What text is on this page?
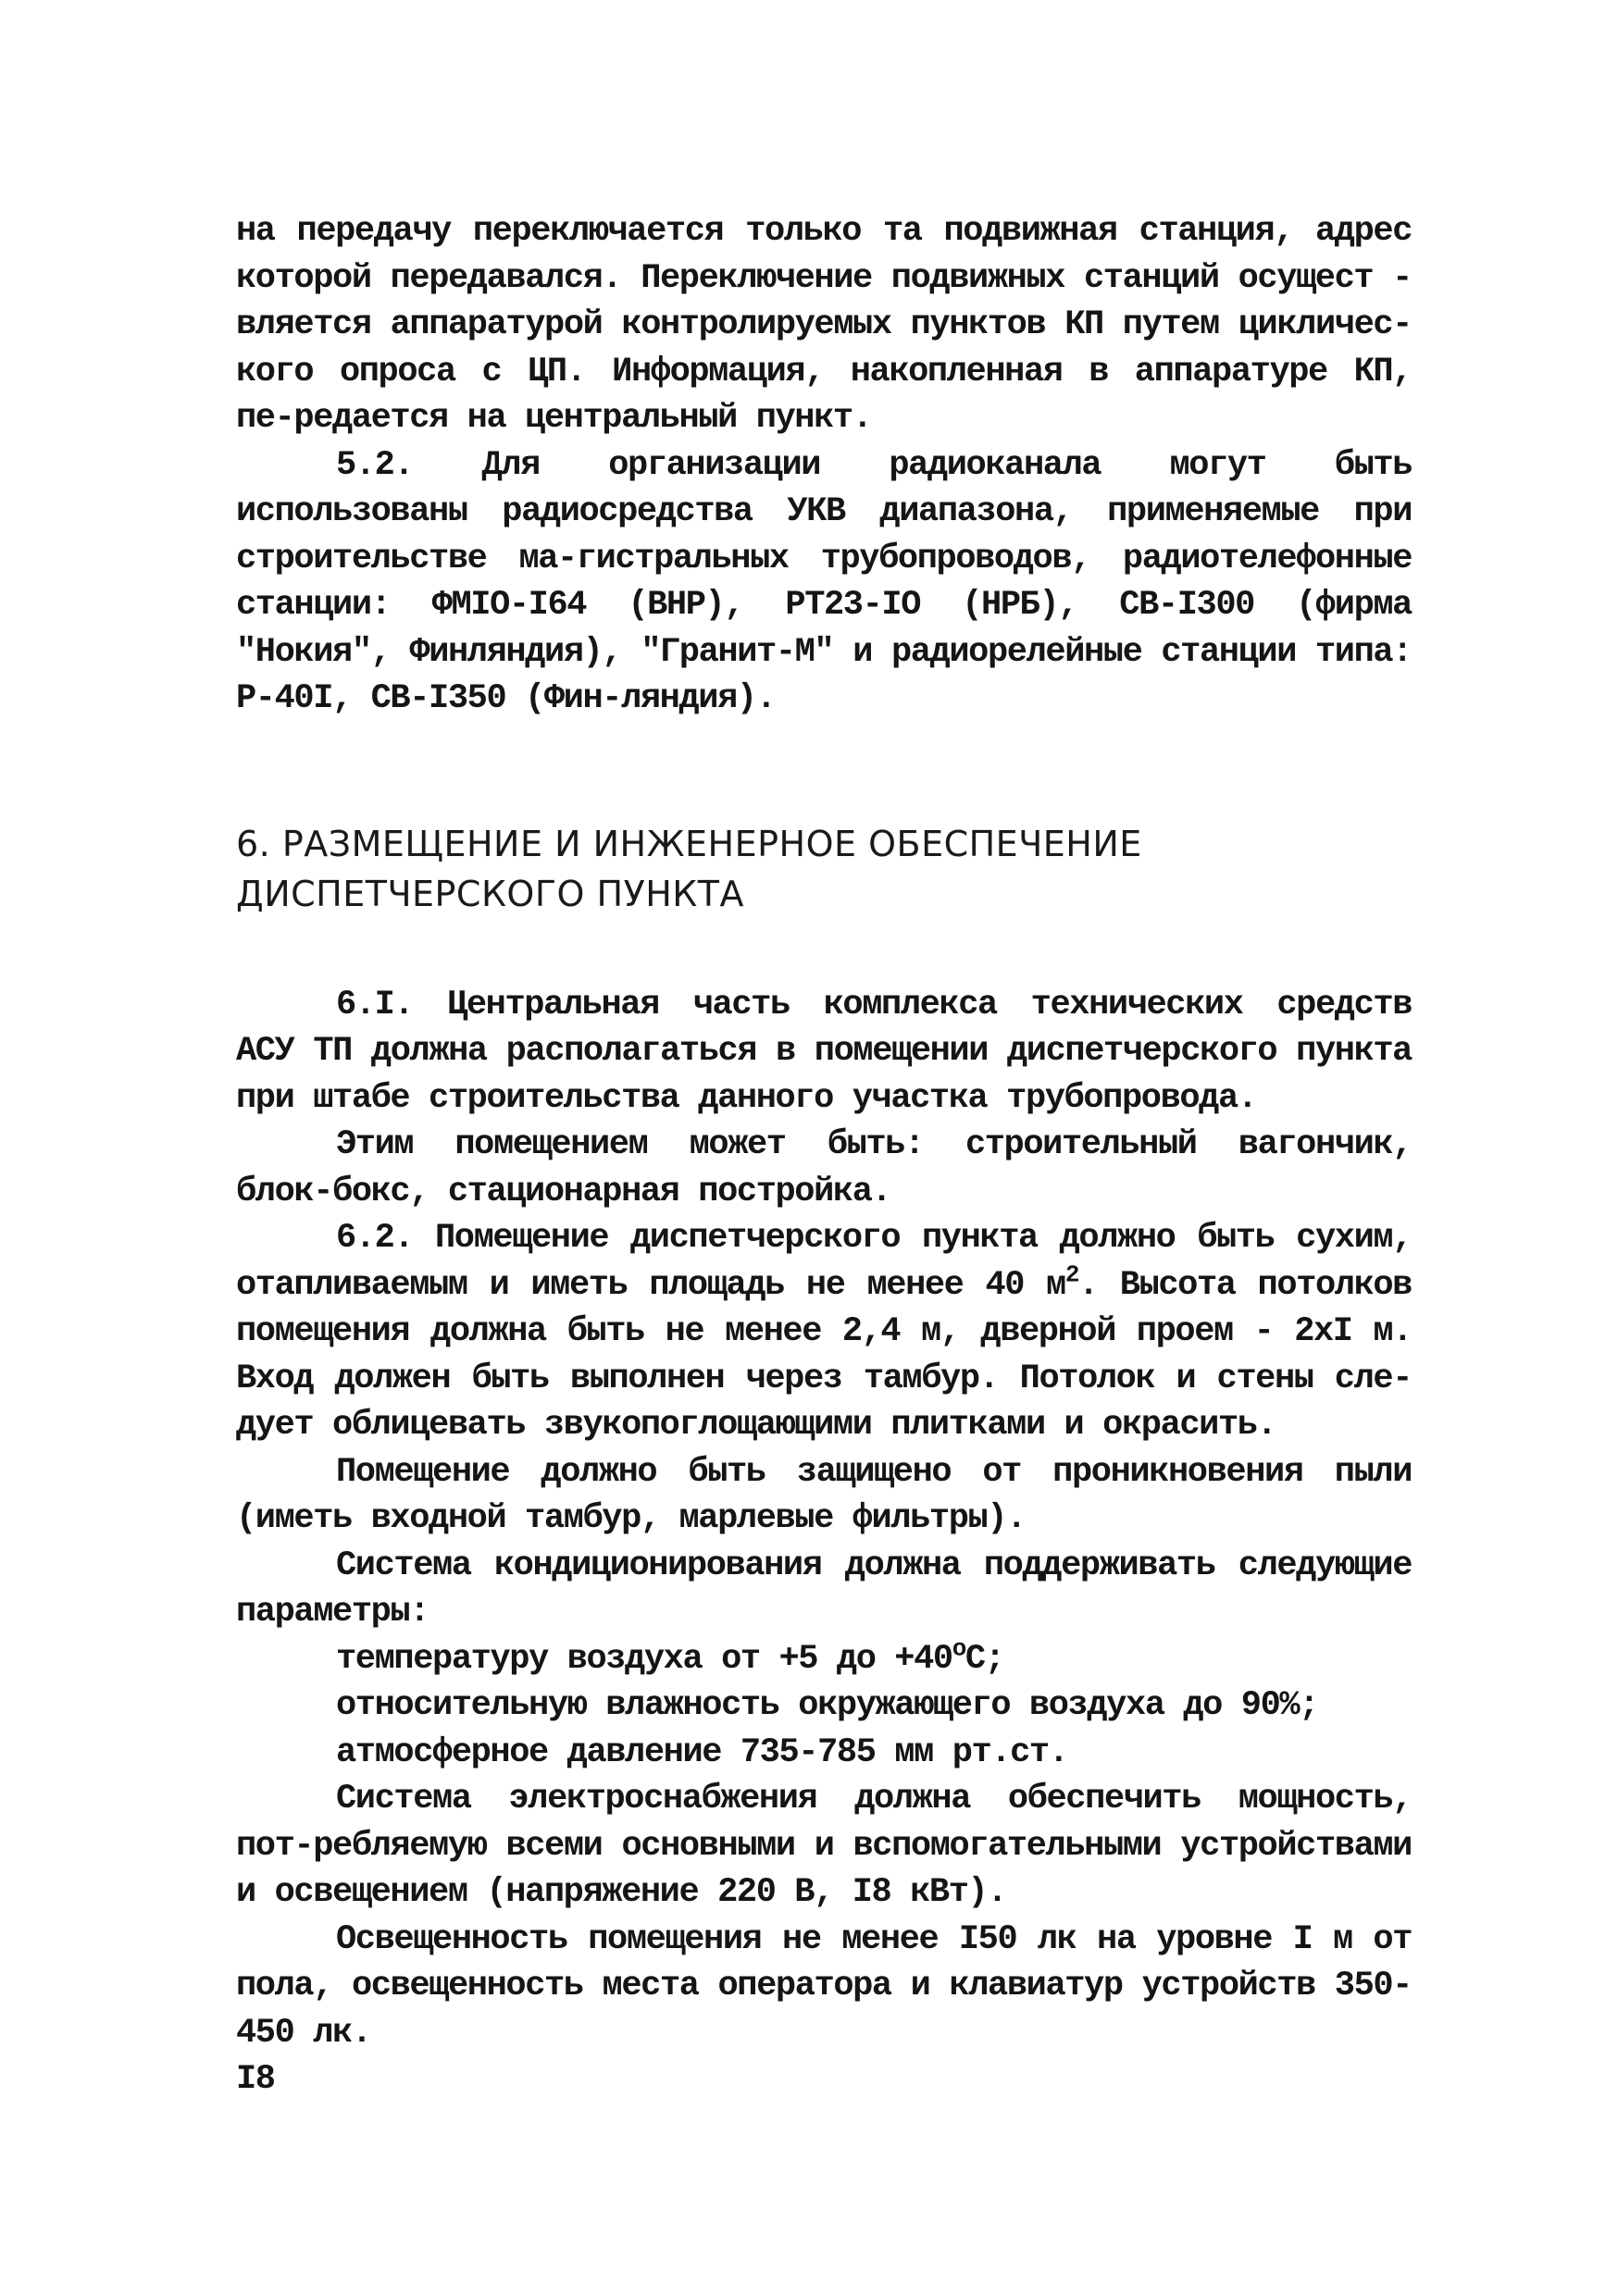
на передачу переключается только та подвижная станция, адрес которой передавался. Переключение подвижных станций осущест - вляется аппаратурой контролируемых пунктов КП путем цикличес-кого опроса с ЦП. Информация, накопленная в аппаратуре КП, пе-редается на центральный пункт.

5.2. Для организации радиоканала могут быть использованы радиосредства УКВ диапазона, применяемые при строительстве ма-гистральных трубопроводов, радиотелефонные станции: ФМIО-I64 (ВНР), РТ23-IО (НРБ), СВ-I300 (фирма "Нокия", Финляндия), "Гранит-М" и радиорелейные станции типа: Р-40I, СВ-I350 (Фин-ляндия).

6. РАЗМЕЩЕНИЕ И ИНЖЕНЕРНОЕ ОБЕСПЕЧЕНИЕ
ДИСПЕТЧЕРСКОГО ПУНКТА

6.I. Центральная часть комплекса технических средств АСУ ТП должна располагаться в помещении диспетчерского пункта при штабе строительства данного участка трубопровода.

Этим помещением может быть: строительный вагончик, блок-бокс, стационарная постройка.

6.2. Помещение диспетчерского пункта должно быть сухим, отапливаемым и иметь площадь не менее 40 $м^2$. Высота потолков помещения должна быть не менее 2,4 м, дверной проем - 2хI м. Вход должен быть выполнен через тамбур. Потолок и стены сле-дует облицевать звукопоглощающими плитками и окрасить.

Помещение должно быть защищено от проникновения пыли (иметь входной тамбур, марлевые фильтры).

Система кондиционирования должна поддерживать следующие параметры:

температуру воздуха от +5 до $+40^оС$;

относительную влажность окружающего воздуха до 90%;

атмосферное давление 735-785 мм рт.ст.

Система электроснабжения должна обеспечить мощность, пот-ребляемую всеми основными и вспомогательными устройствами и освещением (напряжение 220 В, I8 кВт).

Освещенность помещения не менее I50 лк на уровне I м от пола, освещенность места оператора и клавиатур устройств 350-450 лк.

I8
